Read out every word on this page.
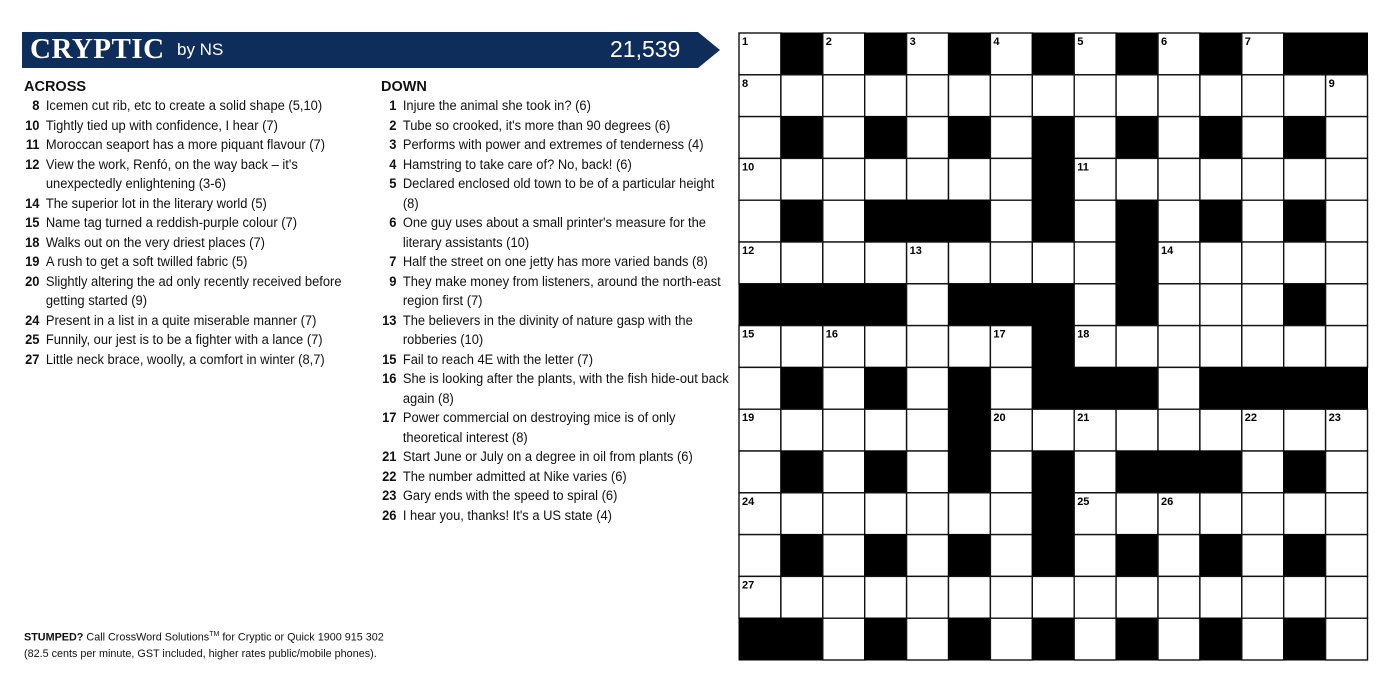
CRYPTIC by NS	21,539
ACROSS
8 Icemen cut rib, etc to create a solid shape (5,10)
10 Tightly tied up with confidence, I hear (7)
11 Moroccan seaport has a more piquant flavour (7)
12 View the work, Renfó, on the way back – it's unexpectedly enlightening (3-6)
14 The superior lot in the literary world (5)
15 Name tag turned a reddish-purple colour (7)
18 Walks out on the very driest places (7)
19 A rush to get a soft twilled fabric (5)
20 Slightly altering the ad only recently received before getting started (9)
24 Present in a list in a quite miserable manner (7)
25 Funnily, our jest is to be a fighter with a lance (7)
27 Little neck brace, woolly, a comfort in winter (8,7)
DOWN
1 Injure the animal she took in? (6)
2 Tube so crooked, it's more than 90 degrees (6)
3 Performs with power and extremes of tenderness (4)
4 Hamstring to take care of? No, back! (6)
5 Declared enclosed old town to be of a particular height (8)
6 One guy uses about a small printer's measure for the literary assistants (10)
7 Half the street on one jetty has more varied bands (8)
9 They make money from listeners, around the north-east region first (7)
13 The believers in the divinity of nature gasp with the robberies (10)
15 Fail to reach 4E with the letter (7)
16 She is looking after the plants, with the fish hide-out back again (8)
17 Power commercial on destroying mice is of only theoretical interest (8)
21 Start June or July on a degree in oil from plants (6)
22 The number admitted at Nike varies (6)
23 Gary ends with the speed to spiral (6)
26 I hear you, thanks! It's a US state (4)
STUMPED? Call CrossWord Solutions™ for Cryptic or Quick 1900 915 302
(82.5 cents per minute, GST included, higher rates public/mobile phones).
1	2	3	4	5	6	7
8	9
10	11
12	13	14
15	16	17	18
19	20	21	22	23
24	25	26
27
